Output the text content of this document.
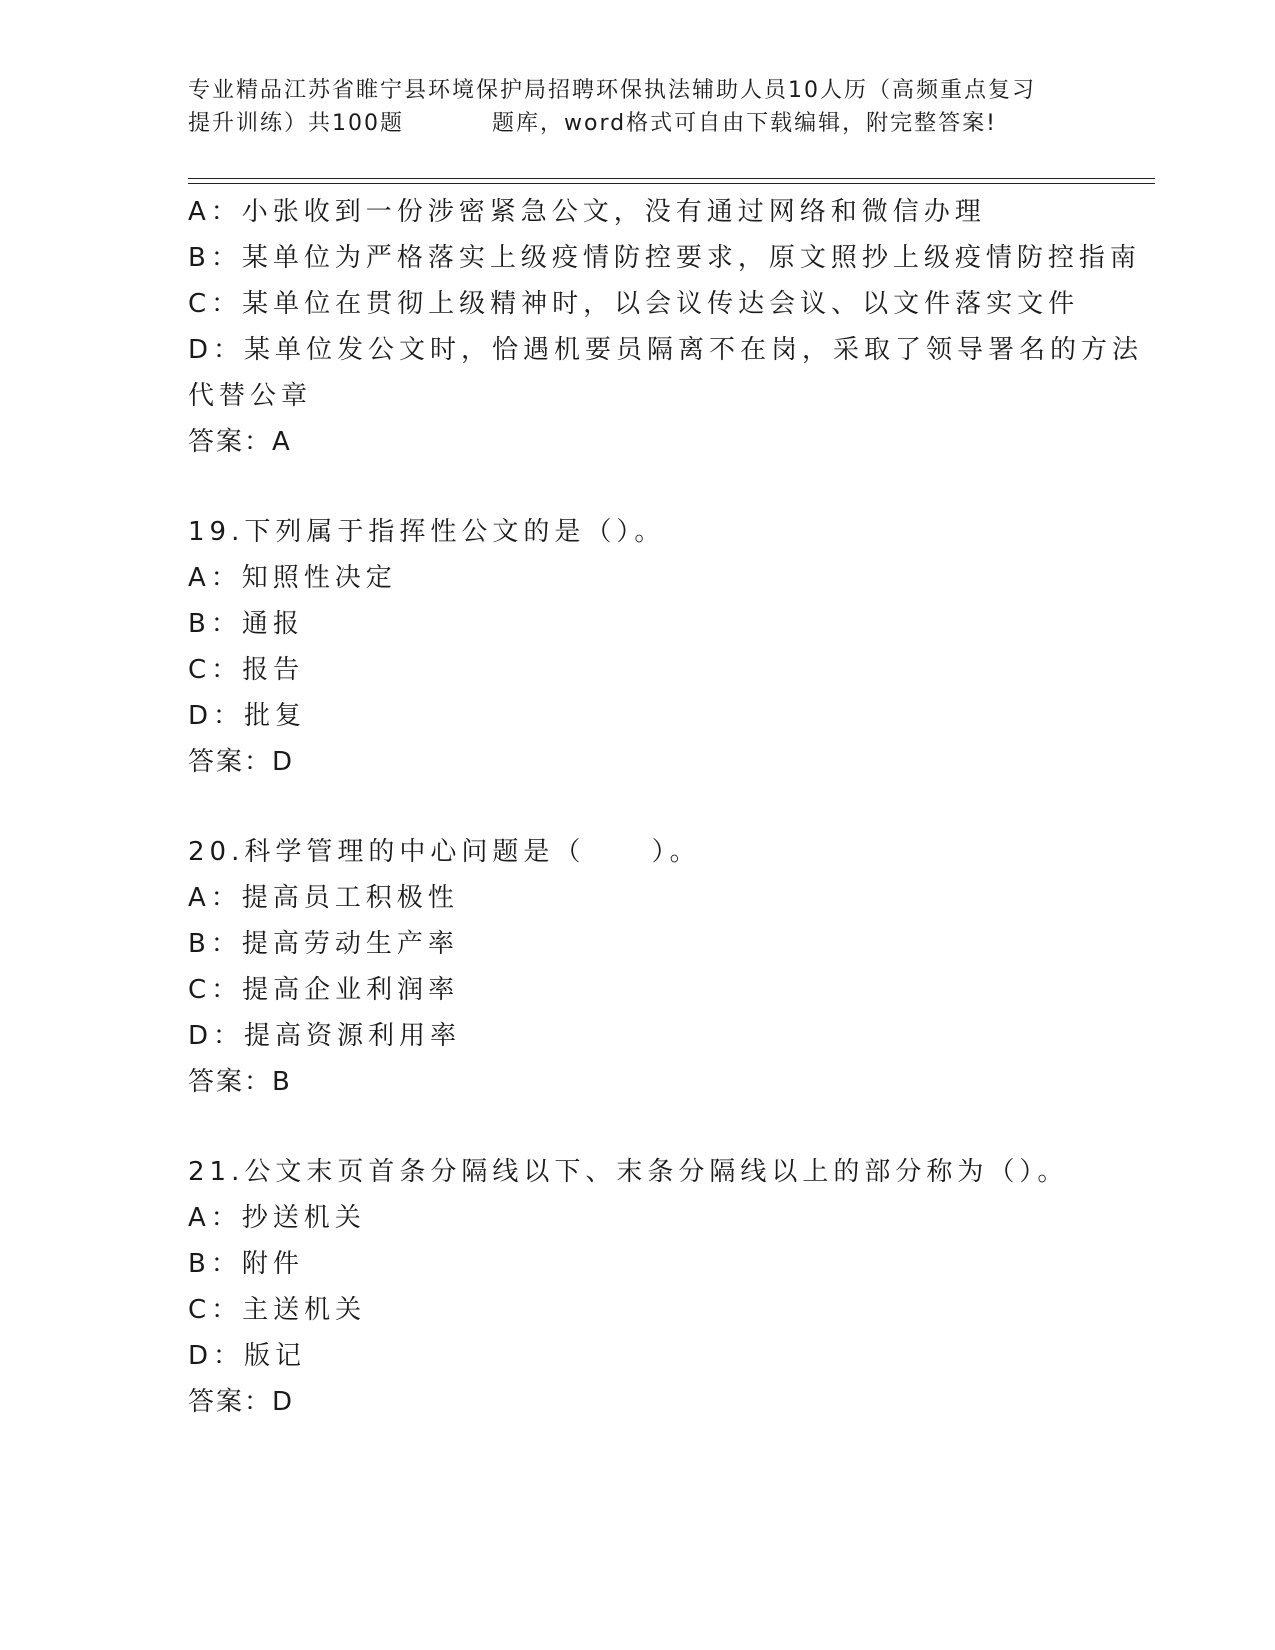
专业精品江苏省睢宁县环境保护局招聘环保执法辅助人员10人历（高频重点复习
提升训练）共100题	题库，word格式可自由下载编辑，附完整答案!
A：小张收到一份涉密紧急公文，没有通过网络和微信办理
B：某单位为严格落实上级疫情防控要求，原文照抄上级疫情防控指南
C：某单位在贯彻上级精神时，以会议传达会议、以文件落实文件
D：某单位发公文时，恰遇机要员隔离不在岗，采取了领导署名的方法
代替公章
答案：A
19.下列属于指挥性公文的是（）。
A：知照性决定
B：通报
C：报告
D：批复
答案：D
20.科学管理的中心问题是（     ）。
A：提高员工积极性
B：提高劳动生产率
C：提高企业利润率
D：提高资源利用率
答案：B
21.公文末页首条分隔线以下、末条分隔线以上的部分称为（）。
A：抄送机关
B：附件
C：主送机关
D：版记
答案：D
